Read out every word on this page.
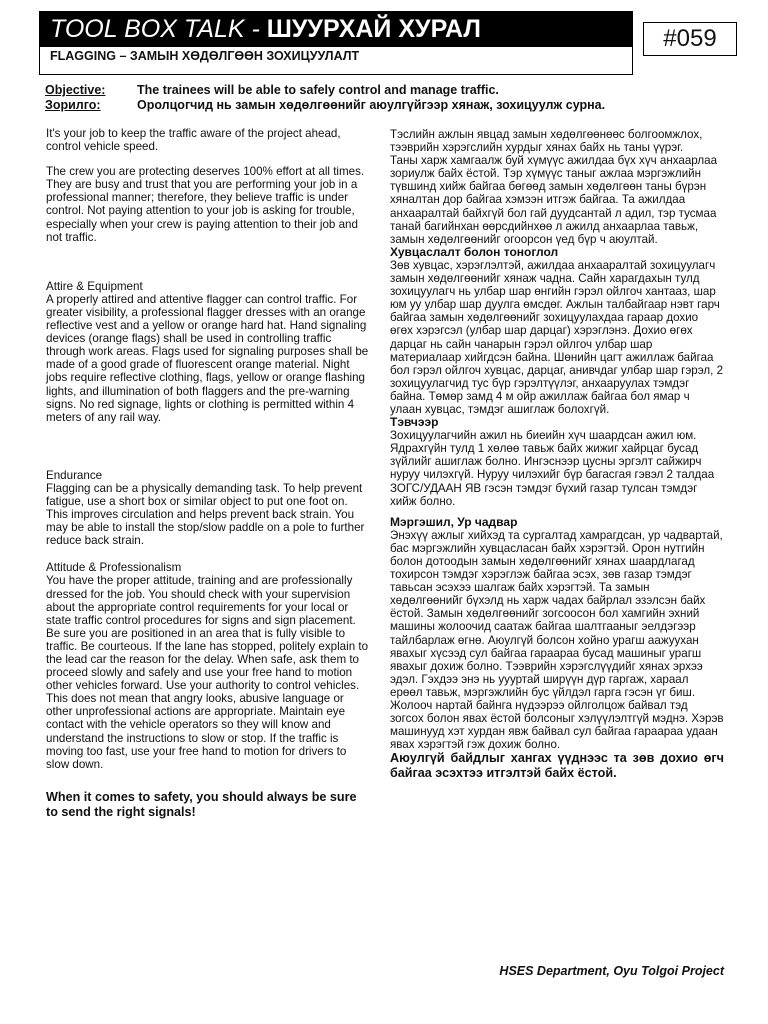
TOOL BOX TALK - ШУУРХАЙ ХУРАЛ
FLAGGING – ЗАМЫН ХӨДӨЛГӨӨН ЗОХИЦУУЛАЛТ
#059
Objective:	The trainees will be able to safely control and manage traffic.
Зорилго:	Оролцогчид нь замын хөдөлгөөнийг аюулгүйгээр хянаж, зохицуулж сурна.

It's your job to keep the traffic aware of the project ahead, control vehicle speed.

The crew you are protecting deserves 100% effort at all times. They are busy and trust that you are performing your job in a professional manner; therefore, they believe traffic is under control. Not paying attention to your job is asking for trouble, especially when your crew is paying attention to their job and not traffic.

Attire & Equipment

A properly attired and attentive flagger can control traffic. For greater visibility, a professional flagger dresses with an orange reflective vest and a yellow or orange hard hat. Hand signaling devices (orange flags) shall be used in controlling traffic through work areas. Flags used for signaling purposes shall be made of a good grade of fluorescent orange material. Night jobs require reflective clothing, flags, yellow or orange flashing lights, and illumination of both flaggers and the pre-warning signs. No red signage, lights or clothing is permitted within 4 meters of any rail way.

Endurance

Flagging can be a physically demanding task. To help prevent fatigue, use a short box or similar object to put one foot on. This improves circulation and helps prevent back strain. You may be able to install the stop/slow paddle on a pole to further reduce back strain.

Attitude & Professionalism

You have the proper attitude, training and are professionally dressed for the job. You should check with your supervision about the appropriate control requirements for your local or state traffic control procedures for signs and sign placement. Be sure you are positioned in an area that is fully visible to traffic. Be courteous. If the lane has stopped, politely explain to the lead car the reason for the delay. When safe, ask them to proceed slowly and safely and use your free hand to motion other vehicles forward. Use your authority to control vehicles. This does not mean that angry looks, abusive language or other unprofessional actions are appropriate. Maintain eye contact with the vehicle operators so they will know and understand the instructions to slow or stop. If the traffic is moving too fast, use your free hand to motion for drivers to slow down.

When it comes to safety, you should always be sure to send the right signals!

Тэслийн ажлын явцад замын хөдөлгөөнөөс болгоомжлох, тээврийн хэрэгслийн хурдыг хянах байх нь таны үүрэг.

Таны харж хамгаалж буй хүмүүс ажилдаа бүх хүч анхаарлаа зориулж байх ёстой. Тэр хүмүүс таныг ажлаа мэргэжлийн түвшинд хийж байгаа бөгөөд замын хөдөлгөөн таны бүрэн хяналтан дор байгаа хэмээн итгэж байгаа. Та ажилдаа анхааралтай байхгүй бол гай дуудсантай л адил, тэр тусмаа танай багийнхан өөрсдийнхөө л ажилд анхаарлаа тавьж, замын хөдөлгөөнийг огоорсон үед бүр ч аюултай.

Хувцаслалт болон тоноглол

Зөв хувцас, хэрэглэлтэй, ажилдаа анхааралтай зохицуулагч замын хөдөлгөөнийг хянаж чадна. Сайн харагдахын тулд зохицуулагч нь улбар шар өнгийн гэрэл ойлгоч хантааз, шар юм уу улбар шар дуулга өмсдөг. Ажлын талбайгаар нэвт гарч байгаа замын хөдөлгөөнийг зохицуулахдаа гараар дохио өгөх хэрэгсэл (улбар шар дарцаг) хэрэглэнэ. Дохио өгөх дарцаг нь сайн чанарын гэрэл ойлгоч улбар шар материалаар хийгдсэн байна. Шөнийн цагт ажиллаж байгаа бол гэрэл ойлгоч хувцас, дарцаг, анивчдаг улбар шар гэрэл, 2 зохицуулагчид тус бүр гэрэлтүүлэг, анхааруулах тэмдэг байна. Төмөр замд 4 м ойр ажиллаж байгаа бол ямар ч улаан хувцас, тэмдэг ашиглаж болохгүй.

Тэвчээр

Зохицуулагчийн ажил нь биеийн хүч шаардсан ажил юм. Ядрахгүйн тулд 1 хөлөө тавьж байх жижиг хайрцаг бусад зүйлийг ашиглаж болно. Ингэснээр цусны эргэлт сайжирч нуруу чилэхгүй. Нуруу чилэхийг бүр багасгая гэвэл 2 талдаа ЗОГС/УДААН ЯВ гэсэн тэмдэг бүхий газар тулсан тэмдэг хийж болно.

Мэргэшил, Ур чадвар

Энэхүү ажлыг хийхэд та сургалтад хамрагдсан, ур чадвартай, бас мэргэжлийн хувцасласан байх хэрэгтэй. Орон нутгийн болон дотоодын замын хөдөлгөөнийг хянах шаардлагад тохирсон тэмдэг хэрэглэж байгаа эсэх, зөв газар тэмдэг тавьсан эсэхээ шалгаж байх хэрэгтэй. Та замын хөдөлгөөнийг бүхэлд нь харж чадах байрлал эзэлсэн байх ёстой. Замын хөдөлгөөнийг зогсоосон бол хамгийн эхний машины жолоочид саатаж байгаа шалтгааныг эелдэгээр тайлбарлаж өгнө. Аюулгүй болсон хойно урагш аажуухан явахыг хүсээд сул байгаа гараараа бусад машиныг урагш явахыг дохиж болно. Тээврийн хэрэгслүүдийг хянах эрхээ эдэл. Гэхдээ энэ нь уууртай ширүүн дүр гаргаж, хараал ерөөл тавьж, мэргэжлийн бус үйлдэл гарга гэсэн үг биш. Жолооч нартай байнга нүдээрээ ойлголцож байвал тэд зогсох болон явах ёстой болсоныг хэлүүлэлтгүй мэднэ. Хэрэв машинууд хэт хурдан явж байвал сул байгаа гараараа удаан явах хэрэгтэй гэж дохиж болно.

Аюулгүй байдлыг хангах үүднээс та зөв дохио өгч байгаа эсэхтээ итгэлтэй байх ёстой.

HSES Department, Oyu Tolgoi Project
